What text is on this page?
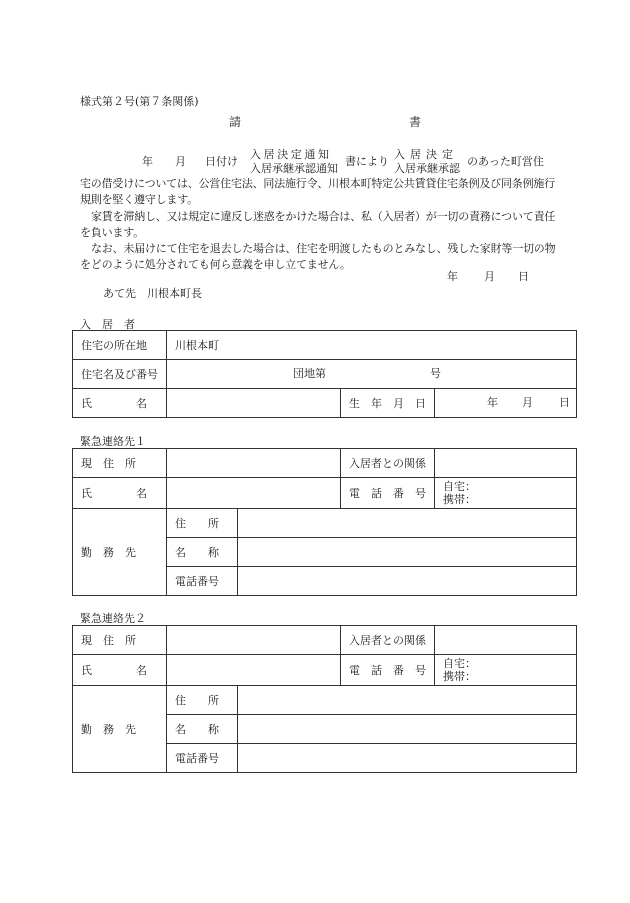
様式第２号(第７条関係)
請　　　　　　　　　　　　　　書
年 月 日付け
入居決定通知
入居承継承認通知
書により
入居決定
入居承継承認
のあった町営住
宅の借受けについては、公営住宅法、同法施行令、川根本町特定公共賃貸住宅条例及び同条例施行規則を堅く遵守します。
家賃を滞納し、又は規定に違反し迷惑をかけた場合は、私（入居者）が一切の責務について責任を負います。
なお、未届けにて住宅を退去した場合は、住宅を明渡したものとみなし、残した家財等一切の物をどのように処分されても何ら意義を申し立てません。
年 月 日
あて先　川根本町長
入　居　者
住宅の所在地	川根本町		
住宅名及び番号	団地第 号		

氏　　　　名		生　年　月　日	年 月 日
緊急連絡先１
現　住　所			入居者との関係	
氏　　　　名			電　話　番　号	自宅：
携帯：

勤　務　先	住　　所			
	名　　称			
	電話番号			
緊急連絡先２
現　住　所			入居者との関係	
氏　　　　名			電　話　番　号	自宅：
携帯：

勤　務　先	住　　所			
	名　　称			
	電話番号			
